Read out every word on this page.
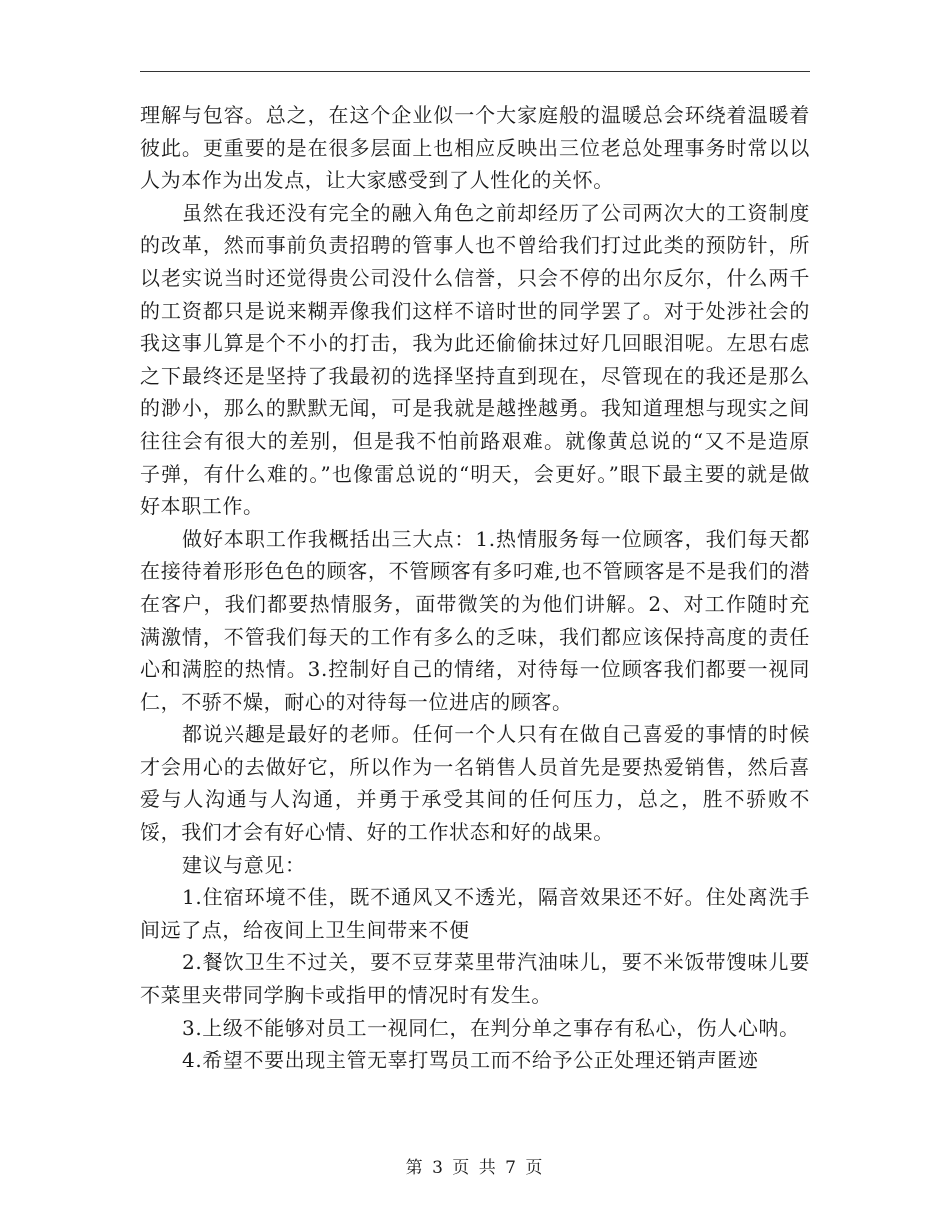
理解与包容。总之，在这个企业似一个大家庭般的温暖总会环绕着温暖着彼此。更重要的是在很多层面上也相应反映出三位老总处理事务时常以以人为本作为出发点，让大家感受到了人性化的关怀。

虽然在我还没有完全的融入角色之前却经历了公司两次大的工资制度的改革，然而事前负责招聘的管事人也不曾给我们打过此类的预防针，所以老实说当时还觉得贵公司没什么信誉，只会不停的出尔反尔，什么两千的工资都只是说来糊弄像我们这样不谙时世的同学罢了。对于处涉社会的我这事儿算是个不小的打击，我为此还偷偷抹过好几回眼泪呢。左思右虑之下最终还是坚持了我最初的选择坚持直到现在，尽管现在的我还是那么的渺小，那么的默默无闻，可是我就是越挫越勇。我知道理想与现实之间往往会有很大的差别，但是我不怕前路艰难。就像黄总说的“又不是造原子弹，有什么难的。”也像雷总说的“明天，会更好。”眼下最主要的就是做好本职工作。

做好本职工作我概括出三大点：1.热情服务每一位顾客，我们每天都在接待着形形色色的顾客，不管顾客有多叼难,也不管顾客是不是我们的潜在客户，我们都要热情服务，面带微笑的为他们讲解。2、对工作随时充满激情，不管我们每天的工作有多么的乏味，我们都应该保持高度的责任心和满腔的热情。3.控制好自己的情绪，对待每一位顾客我们都要一视同仁，不骄不燥，耐心的对待每一位进店的顾客。

都说兴趣是最好的老师。任何一个人只有在做自己喜爱的事情的时候才会用心的去做好它，所以作为一名销售人员首先是要热爱销售，然后喜爱与人沟通与人沟通，并勇于承受其间的任何压力，总之，胜不骄败不馁，我们才会有好心情、好的工作状态和好的战果。

建议与意见：

1.住宿环境不佳，既不通风又不透光，隔音效果还不好。住处离洗手间远了点，给夜间上卫生间带来不便

2.餐饮卫生不过关，要不豆芽菜里带汽油味儿，要不米饭带馊味儿要不菜里夹带同学胸卡或指甲的情况时有发生。

3.上级不能够对员工一视同仁，在判分单之事存有私心，伤人心呐。

4.希望不要出现主管无辜打骂员工而不给予公正处理还销声匿迹

第 3 页 共 7 页
